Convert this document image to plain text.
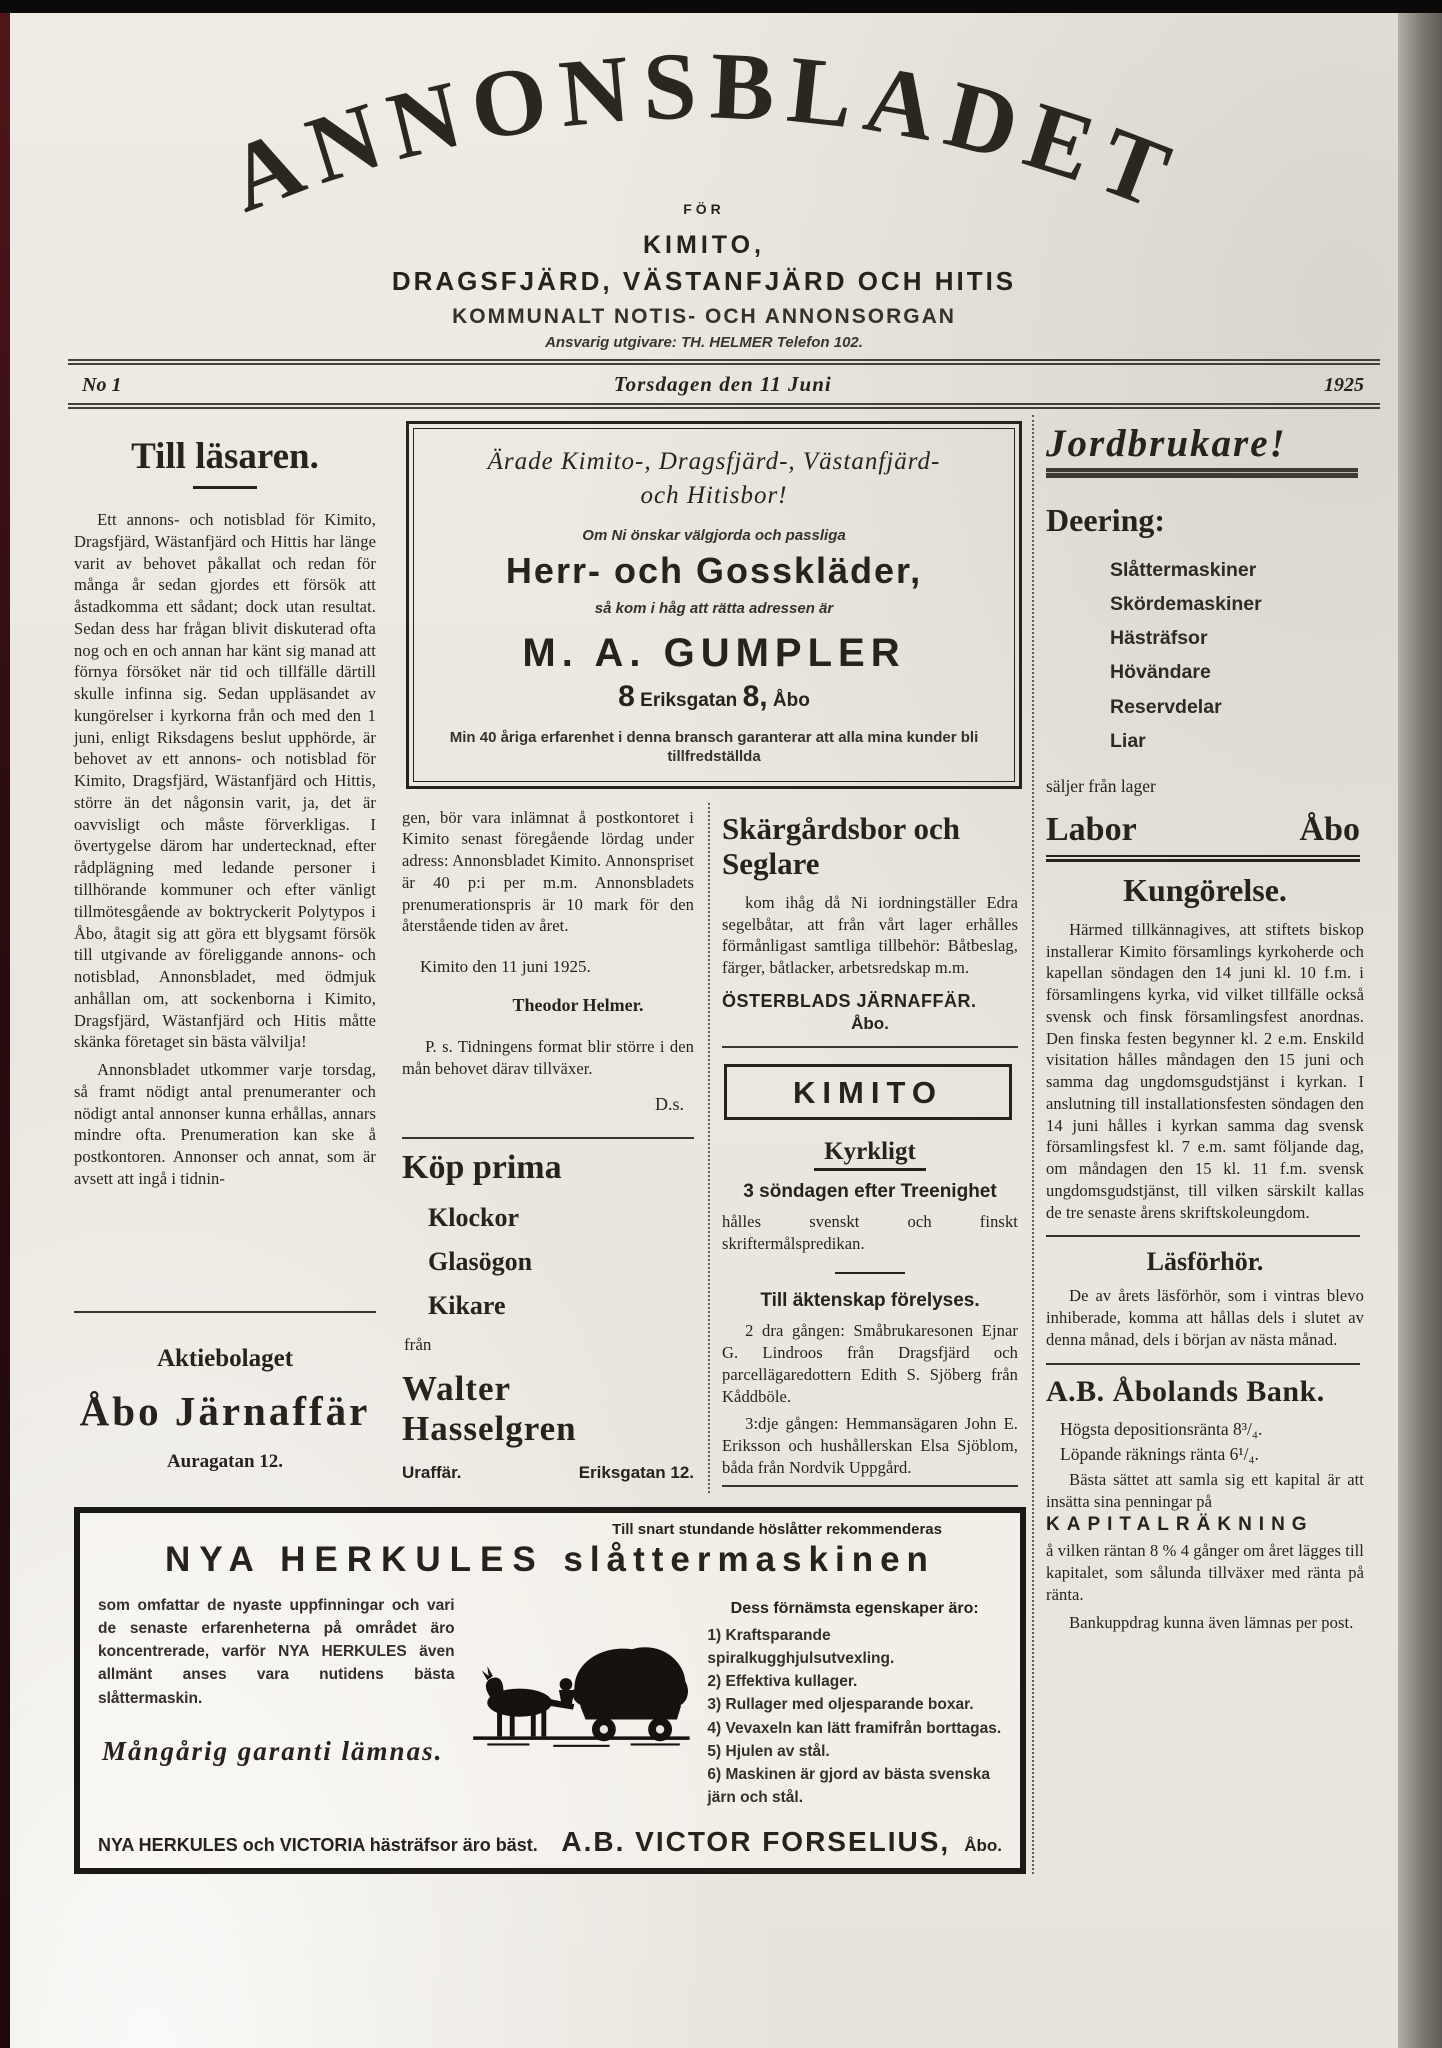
ANNONSBLADET
FÖR
KIMITO,
DRAGSFJÄRD, VÄSTANFJÄRD OCH HITIS
KOMMUNALT NOTIS- OCH ANNONSORGAN
Ansvarig utgivare: TH. HELMER Telefon 102.
No 1	Torsdagen den 11 Juni	1925
Till läsaren.

Ett annons- och notisblad för Kimito, Dragsfjärd, Wästanfjärd och Hittis har länge varit av behovet påkallat och redan för många år sedan gjordes ett försök att åstadkomma ett sådant; dock utan resultat. Sedan dess har frågan blivit diskuterad ofta nog och en och annan har känt sig manad att förnya försöket när tid och tillfälle därtill skulle infinna sig. Sedan uppläsandet av kungörelser i kyrkorna från och med den 1 juni, enligt Riksdagens beslut upphörde, är behovet av ett annons- och notisblad för Kimito, Dragsfjärd, Wästanfjärd och Hittis, större än det någonsin varit, ja, det är oavvisligt och måste förverkligas. I övertygelse därom har undertecknad, efter rådplägning med ledande personer i tillhörande kommuner och efter vänligt tillmötesgående av boktryckerit Polytypos i Åbo, åtagit sig att göra ett blygsamt försök till utgivande av föreliggande annons- och notisblad, Annonsbladet, med ödmjuk anhållan om, att sockenborna i Kimito, Dragsfjärd, Wästanfjärd och Hitis måtte skänka företaget sin bästa välvilja!

Annonsbladet utkommer varje torsdag, så framt nödigt antal prenumeranter och nödigt antal annonser kunna erhållas, annars mindre ofta. Prenumeration kan ske å postkontoren. Annonser och annat, som är avsett att ingå i tidnin-

Aktiebolaget
Åbo Järnaffär
Auragatan 12.
Ärade Kimito-, Dragsfjärd-, Västanfjärd-
och Hitisbor!
Om Ni önskar välgjorda och passliga
Herr- och Gosskläder,
så kom i håg att rätta adressen är
M. A. GUMPLER
8 Eriksgatan 8, Åbo
Min 40 åriga erfarenhet i denna bransch garanterar att alla mina kunder bli tillfredställda

gen, bör vara inlämnat å postkontoret i Kimito senast föregående lördag under adress: Annonsbladet Kimito. Annonspriset är 40 p:i per m.m. Annonsbladets prenumerationspris är 10 mark för den återstående tiden av året.

Kimito den 11 juni 1925.
Theodor Helmer.

P. s. Tidningens format blir större i den mån behovet därav tillväxer.

D.s.
Köp prima
Klockor
Glasögon
Kikare
från
Walter Hasselgren
Uraffär.	Eriksgatan 12.
Skärgårdsbor och
Seglare

kom ihåg då Ni iordningställer Edra segelbåtar, att från vårt lager erhålles förmånligast samtliga tillbehör: Båtbeslag, färger, båtlacker, arbetsredskap m.m.

ÖSTERBLADS JÄRNAFFÄR.
Åbo.
KIMITO
Kyrkligt
3 söndagen efter Treenighet

hålles svenskt och finskt skriftermålspredikan.

Till äktenskap förelyses.

2 dra gången: Småbrukaresonen Ejnar G. Lindroos från Dragsfjärd och parcellägaredottern Edith S. Sjöberg från Kåddböle.

3:dje gången: Hemmansägaren John E. Eriksson och hushållerskan Elsa Sjöblom, båda från Nordvik Uppgård.

Jordbrukare!
Deering:
Slåttermaskiner
Skördemaskiner
Hästräfsor
Hövändare
Reservdelar
Liar
säljer från lager
Labor	Åbo
Kungörelse.

Härmed tillkännagives, att stiftets biskop installerar Kimito församlings kyrkoherde och kapellan söndagen den 14 juni kl. 10 f.m. i församlingens kyrka, vid vilket tillfälle också svensk och finsk församlingsfest anordnas. Den finska festen begynner kl. 2 e.m. Enskild visitation hålles måndagen den 15 juni och samma dag ungdomsgudstjänst i kyrkan. I anslutning till installationsfesten söndagen den 14 juni hålles i kyrkan samma dag svensk församlingsfest kl. 7 e.m. samt följande dag, om måndagen den 15 kl. 11 f.m. svensk ungdomsgudstjänst, till vilken särskilt kallas de tre senaste årens skriftskoleungdom.

Läsförhör.

De av årets läsförhör, som i vintras blevo inhiberade, komma att hållas dels i slutet av denna månad, dels i början av nästa månad.

A.B. Åbolands Bank.
Högsta depositionsränta 8³/₄.
Löpande räknings ränta 6¹/₄.

Bästa sättet att samla sig ett kapital är att insätta sina penningar på

KAPITALRÄKNING

å vilken räntan 8 % 4 gånger om året lägges till kapitalet, som sålunda tillväxer med ränta på ränta.

Bankuppdrag kunna även lämnas per post.

Till snart stundande höslåtter rekommenderas
NYA HERKULES slåttermaskinen

som omfattar de nyaste uppfinningar och vari de senaste erfarenheterna på området äro koncentrerade, varför NYA HERKULES även allmänt anses vara nutidens bästa slåttermaskin.

Mångårig garanti lämnas.
Dess förnämsta egenskaper äro:
1) Kraftsparande spiralkugghjulsutvexling.
2) Effektiva kullager.
3) Rullager med oljesparande boxar.
4) Vevaxeln kan lätt framifrån borttagas.
5) Hjulen av stål.
6) Maskinen är gjord av bästa svenska järn och stål.
NYA HERKULES och VICTORIA hästräfsor äro bäst. A.B. VICTOR FORSELIUS, Åbo.
